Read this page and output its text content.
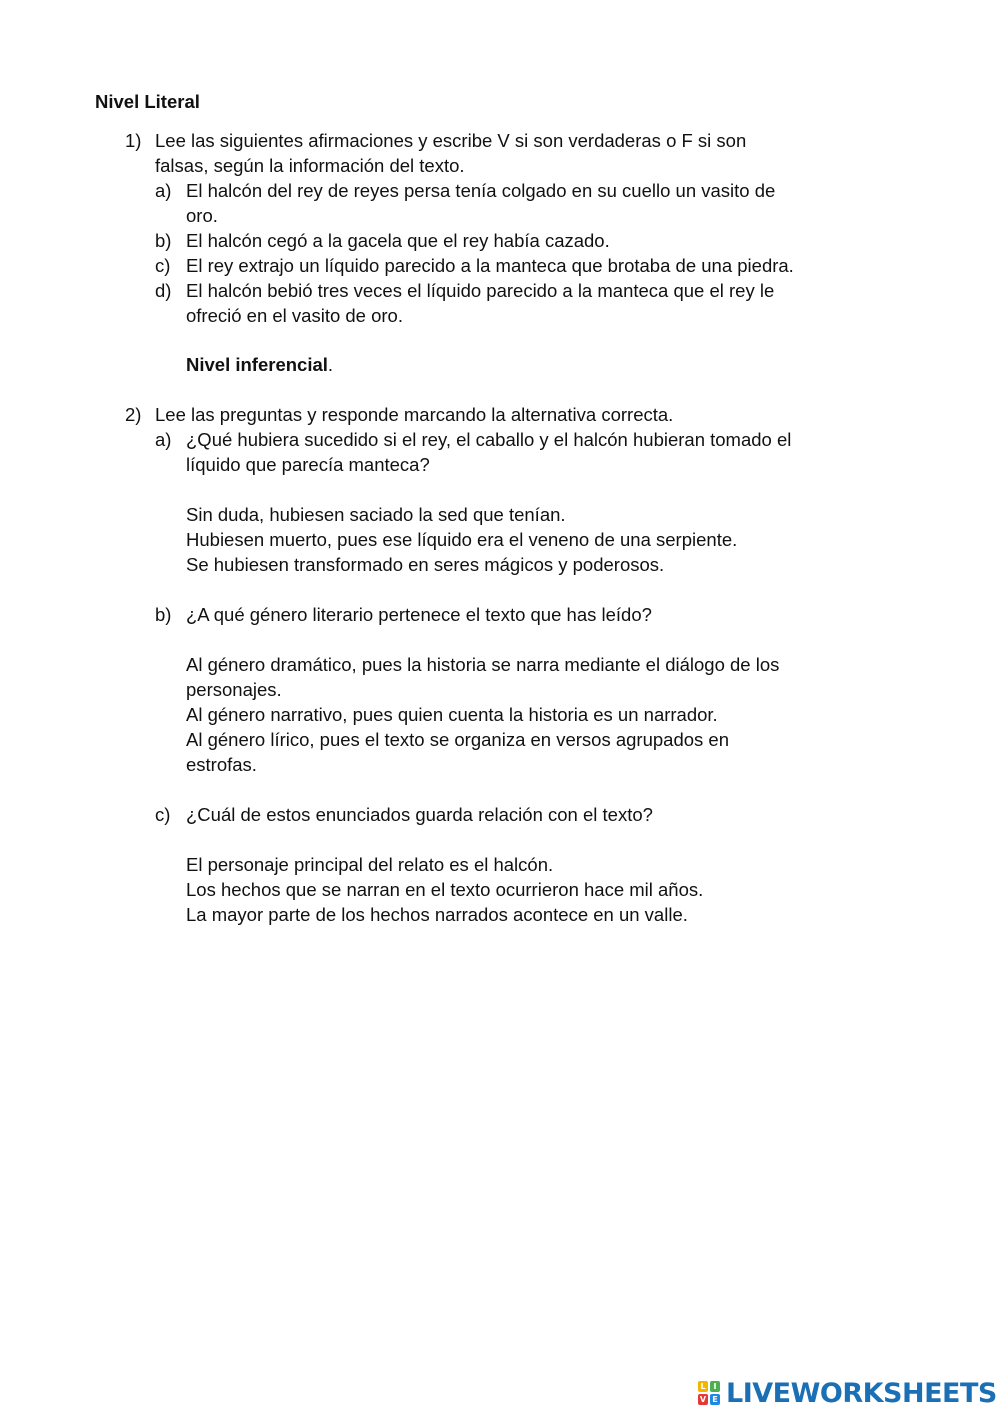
Nivel Literal
1) Lee las siguientes afirmaciones y escribe V si son verdaderas o F si son
falsas, según la información del texto.
a) El halcón del rey de reyes persa tenía colgado en su cuello un vasito de
oro.
b) El halcón cegó a la gacela que el rey había cazado.
c) El rey extrajo un líquido parecido a la manteca que brotaba de una piedra.
d) El halcón bebió tres veces el líquido parecido a la manteca que el rey le
ofreció en el vasito de oro.
Nivel inferencial.
2) Lee las preguntas y responde marcando la alternativa correcta.
a) ¿Qué hubiera sucedido si el rey, el caballo y el halcón hubieran tomado el
líquido que parecía manteca?
Sin duda, hubiesen saciado la sed que tenían.
Hubiesen muerto, pues ese líquido era el veneno de una serpiente.
Se hubiesen transformado en seres mágicos y poderosos.
b) ¿A qué género literario pertenece el texto que has leído?
Al género dramático, pues la historia se narra mediante el diálogo de los
personajes.
Al género narrativo, pues quien cuenta la historia es un narrador.
Al género lírico, pues el texto se organiza en versos agrupados en
estrofas.
c) ¿Cuál de estos enunciados guarda relación con el texto?
El personaje principal del relato es el halcón.
Los hechos que se narran en el texto ocurrieron hace mil años.
La mayor parte de los hechos narrados acontece en un valle.
L I
V E LIVEWORKSHEETS
